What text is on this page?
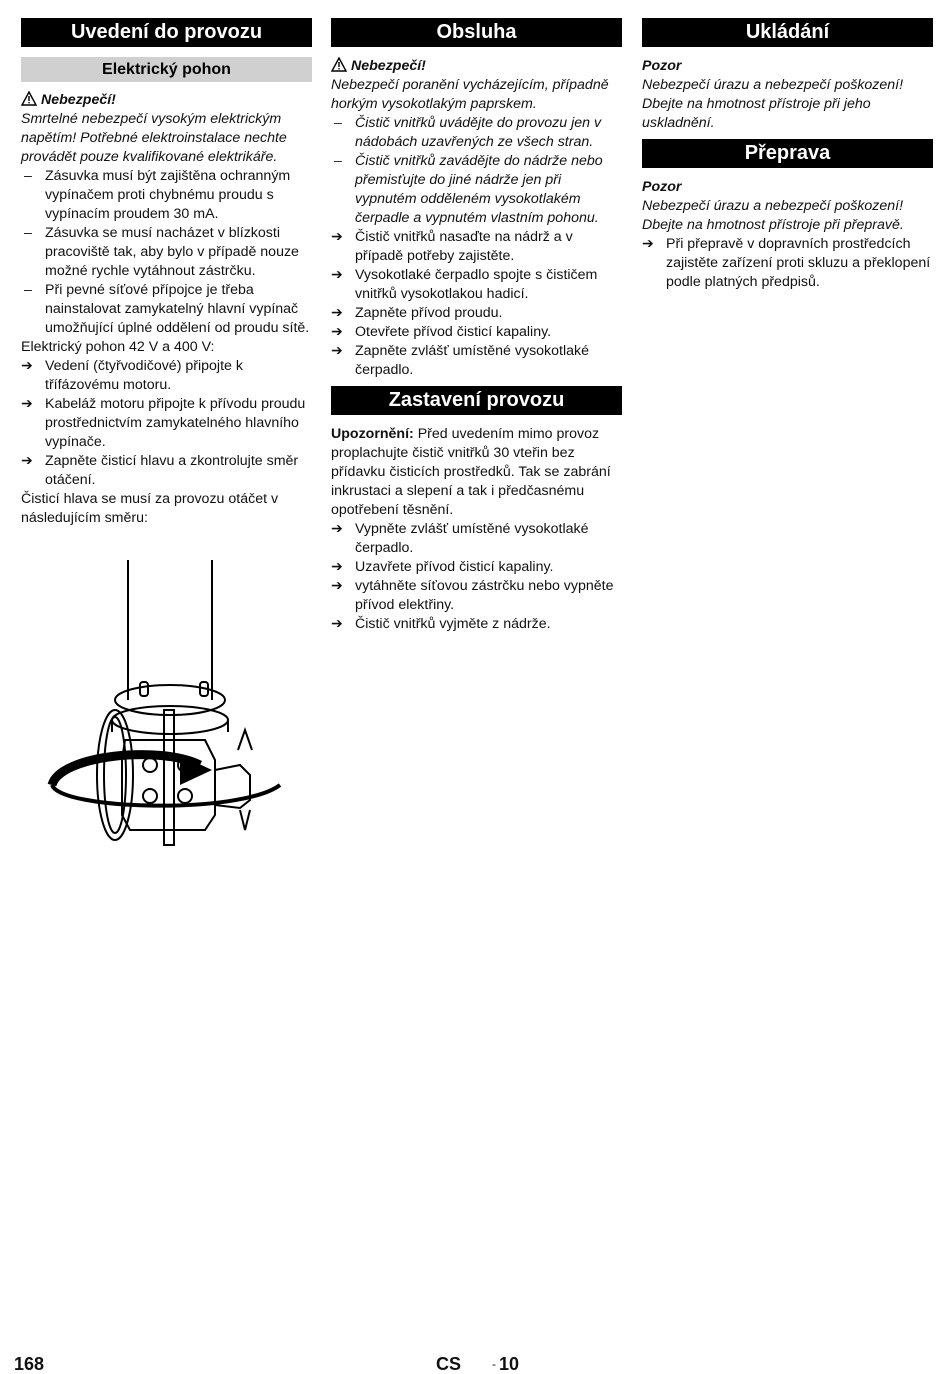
Uvedení do provozu
Elektrický pohon

Nebezpečí!

Smrtelné nebezpečí vysokým elektrickým napětím! Potřebné elektroinstalace nechte provádět pouze kvalifikované elektrikáře.

– Zásuvka musí být zajištěna ochranným vypínačem proti chybnému proudu s vypínacím proudem 30 mA.
– Zásuvka se musí nacházet v blízkosti pracoviště tak, aby bylo v případě nouze možné rychle vytáhnout zástrčku.
– Při pevné síťové přípojce je třeba nainstalovat zamykatelný hlavní vypínač umožňující úplné oddělení od proudu sítě.

Elektrický pohon 42 V a 400 V:

➔ Vedení (čtyřvodičové) připojte k třífázovému motoru.
➔ Kabeláž motoru připojte k přívodu proudu prostřednictvím zamykatelného hlavního vypínače.
➔ Zapněte čisticí hlavu a zkontrolujte směr otáčení.

Čisticí hlava se musí za provozu otáčet v následujícím směru:

Obsluha

Nebezpečí!

Nebezpečí poranění vycházejícím, případně horkým vysokotlakým paprskem.

– Čistič vnitřků uvádějte do provozu jen v nádobách uzavřených ze všech stran.
– Čistič vnitřků zavádějte do nádrže nebo přemisťujte do jiné nádrže jen při vypnutém odděleném vysokotlakém čerpadle a vypnutém vlastním pohonu.
➔ Čistič vnitřků nasaďte na nádrž a v případě potřeby zajistěte.
➔ Vysokotlaké čerpadlo spojte s čističem vnitřků vysokotlakou hadicí.
➔ Zapněte přívod proudu.
➔ Otevřete přívod čisticí kapaliny.
➔ Zapněte zvlášť umístěné vysokotlaké čerpadlo.
Zastavení provozu

Upozornění: Před uvedením mimo provoz proplachujte čistič vnitřků 30 vteřin bez přídavku čisticích prostředků. Tak se zabrání inkrustaci a slepení a tak i předčasnému opotřebení těsnění.

➔ Vypněte zvlášť umístěné vysokotlaké čerpadlo.
➔ Uzavřete přívod čisticí kapaliny.
➔ vytáhněte síťovou zástrčku nebo vypněte přívod elektřiny.
➔ Čistič vnitřků vyjměte z nádrže.
Ukládání

Pozor

Nebezpečí úrazu a nebezpečí poškození! Dbejte na hmotnost přístroje při jeho uskladnění.

Přeprava

Pozor

Nebezpečí úrazu a nebezpečí poškození! Dbejte na hmotnost přístroje při přepravě.

➔ Při přepravě v dopravních prostředcích zajistěte zařízení proti skluzu a překlopení podle platných předpisů.
168	CS	- 10
